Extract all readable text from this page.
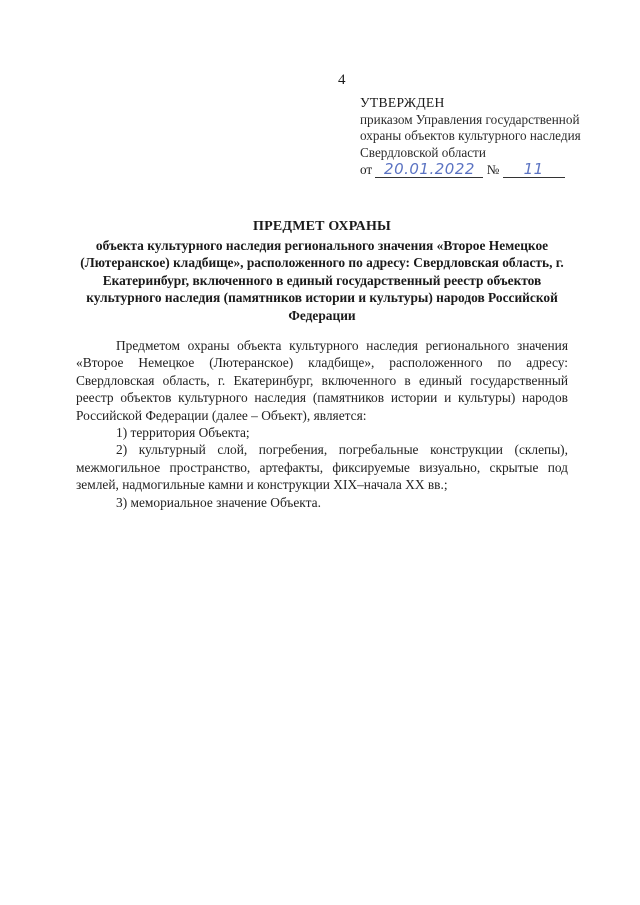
4
УТВЕРЖДЕН
приказом Управления государственной
охраны объектов культурного наследия
Свердловской области
от 20.01.2022 № 11
ПРЕДМЕТ ОХРАНЫ
объекта культурного наследия регионального значения «Второе Немецкое (Лютеранское) кладбище», расположенного по адресу: Свердловская область, г. Екатеринбург, включенного в единый государственный реестр объектов культурного наследия (памятников истории и культуры) народов Российской Федерации

Предметом охраны объекта культурного наследия регионального значения «Второе Немецкое (Лютеранское) кладбище», расположенного по адресу: Свердловская область, г. Екатеринбург, включенного в единый государственный реестр объектов культурного наследия (памятников истории и культуры) народов Российской Федерации (далее – Объект), является:

1) территория Объекта;

2) культурный слой, погребения, погребальные конструкции (склепы), межмогильное пространство, артефакты, фиксируемые визуально, скрытые под землей, надмогильные камни и конструкции XIX–начала XX вв.;

3) мемориальное значение Объекта.
